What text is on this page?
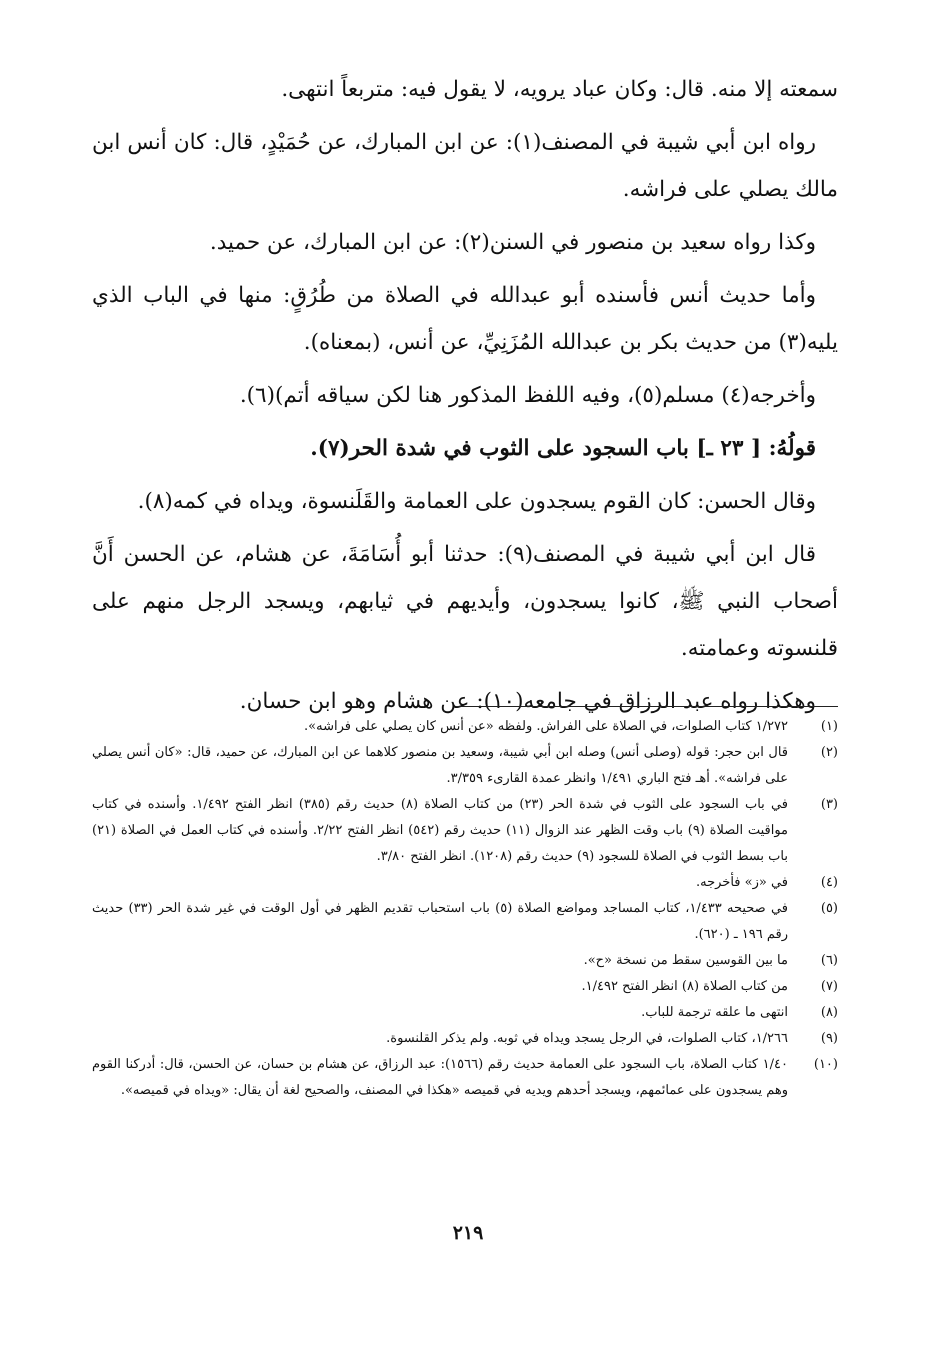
سمعته إلا منه. قال: وكان عباد يرويه، لا يقول فيه: متربعاً انتهى.

رواه ابن أبي شيبة في المصنف(١): عن ابن المبارك، عن حُمَيْدٍ، قال: كان أنس ابن مالك يصلي على فراشه.

وكذا رواه سعيد بن منصور في السنن(٢): عن ابن المبارك، عن حميد.

وأما حديث أنس فأسنده أبو عبدالله في الصلاة من طُرُقٍ: منها في الباب الذي يليه(٣) من حديث بكر بن عبدالله المُزَنِيِّ، عن أنس، (بمعناه).

وأخرجه(٤) مسلم(٥)، وفيه اللفظ المذكور هنا لكن سياقه أتم)(٦).

قولُهُ: [ ٢٣ ـ] باب السجود على الثوب في شدة الحر(٧).

وقال الحسن: كان القوم يسجدون على العمامة والقَلَنسوة، ويداه في كمه(٨).

قال ابن أبي شيبة في المصنف(٩): حدثنا أبو أُسَامَةَ، عن هشام، عن الحسن أَنَّ أصحاب النبي ﷺ، كانوا يسجدون، وأيديهم في ثيابهم، ويسجد الرجل منهم على قلنسوته وعمامته.

وهكذا رواه عبد الرزاق في جامعه(١٠): عن هشام وهو ابن حسان.

(١)
١/٢٧٢ كتاب الصلوات، في الصلاة على الفراش. ولفظه «عن أنس كان يصلي على فراشه».
(٢)
قال ابن حجر: قوله (وصلى أنس) وصله ابن أبي شيبة، وسعيد بن منصور كلاهما عن ابن المبارك، عن حميد، قال: «كان أنس يصلي على فراشه». أهـ فتح الباري ١/٤٩١ وانظر عمدة القارىء ٣/٣٥٩.
(٣)
في باب السجود على الثوب في شدة الحر (٢٣) من كتاب الصلاة (٨) حديث رقم (٣٨٥) انظر الفتح ١/٤٩٢. وأسنده في كتاب مواقيت الصلاة (٩) باب وقت الظهر عند الزوال (١١) حديث رقم (٥٤٢) انظر الفتح ٢/٢٢. وأسنده في كتاب العمل في الصلاة (٢١) باب بسط الثوب في الصلاة للسجود (٩) حديث رقم (١٢٠٨). انظر الفتح ٣/٨٠.
(٤)
في «ز» فأخرجه.
(٥)
في صحيحه ١/٤٣٣، كتاب المساجد ومواضع الصلاة (٥) باب استحباب تقديم الظهر في أول الوقت في غير شدة الحر (٣٣) حديث رقم ١٩٦ ـ (٦٢٠).
(٦)
ما بين القوسين سقط من نسخة «ح».
(٧)
من كتاب الصلاة (٨) انظر الفتح ١/٤٩٢.
(٨)
انتهى ما علقه ترجمة للباب.
(٩)
١/٢٦٦، كتاب الصلوات، في الرجل يسجد ويداه في ثوبه. ولم يذكر القلنسوة.
(١٠)
١/٤٠ كتاب الصلاة، باب السجود على العمامة حديث رقم (١٥٦٦): عبد الرزاق، عن هشام بن حسان، عن الحسن، قال: أدركنا القوم وهم يسجدون على عمائمهم، ويسجد أحدهم ويديه في قميصه «هكذا في المصنف، والصحيح لغة أن يقال: «ويداه في قميصه».
٢١٩
